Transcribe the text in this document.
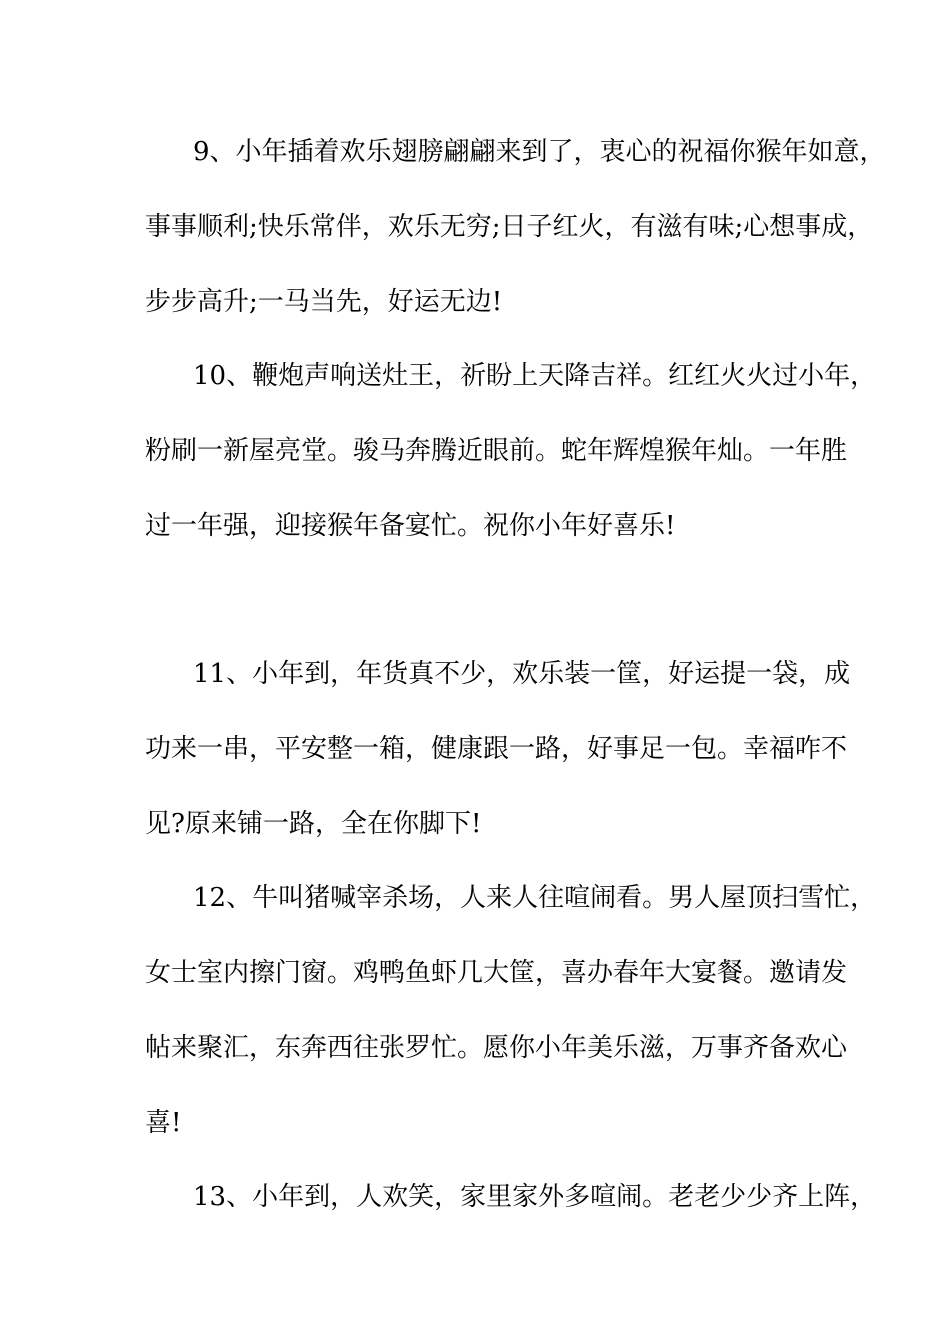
9、小年插着欢乐翅膀翩翩来到了，衷心的祝福你猴年如意，
事事顺利;快乐常伴，欢乐无穷;日子红火，有滋有味;心想事成，
步步高升;一马当先，好运无边!
10、鞭炮声响送灶王，祈盼上天降吉祥。红红火火过小年，
粉刷一新屋亮堂。骏马奔腾近眼前。蛇年辉煌猴年灿。一年胜
过一年强，迎接猴年备宴忙。祝你小年好喜乐!
11、小年到，年货真不少，欢乐装一筐，好运提一袋，成
功来一串，平安整一箱，健康跟一路，好事足一包。幸福咋不
见?原来铺一路，全在你脚下!
12、牛叫猪喊宰杀场，人来人往喧闹看。男人屋顶扫雪忙，
女士室内擦门窗。鸡鸭鱼虾几大筐，喜办春年大宴餐。邀请发
帖来聚汇，东奔西往张罗忙。愿你小年美乐滋，万事齐备欢心
喜!
13、小年到，人欢笑，家里家外多喧闹。老老少少齐上阵，
